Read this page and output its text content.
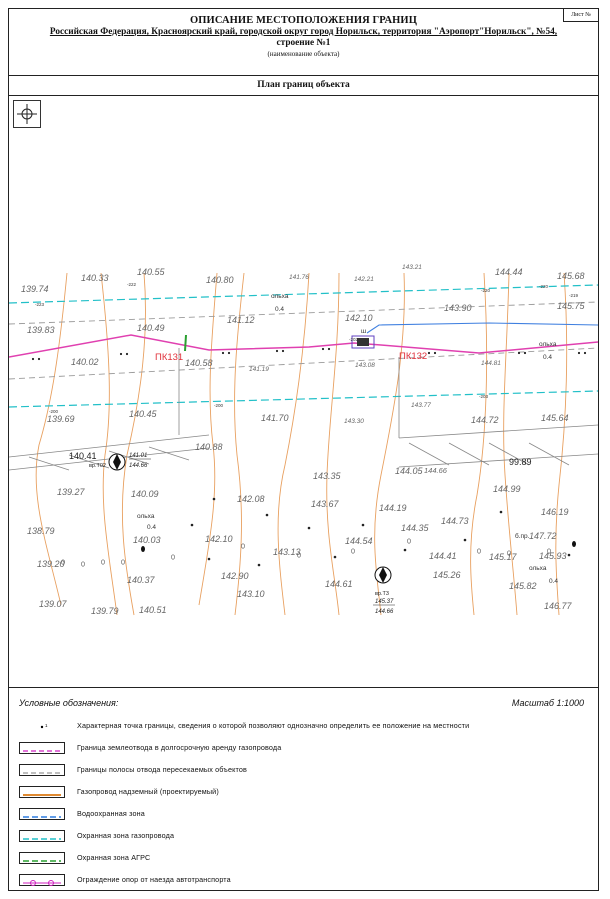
Лист №
ОПИСАНИЕ МЕСТОПОЛОЖЕНИЯ ГРАНИЦ
Российская Федерация, Красноярский край, городской округ город Норильск, территория "Аэропорт"Норильск", №54,
строение №1
(наименование объекта)
План границ объекта
ПК131	ПК132
-223
-222
-220
-220
-219
-200
-200
-203
-202
139.74
140.33
140.55
140.80	141.76	142.21
143.21	144.44	145.68
139.83	140.49
141.12	142.10
143.90	145.75
140.02	140.58
141.19
143.08	144.81
139.69	140.45	141.70	143.30
143.77
144.72	145.64
140.88
144.05 144.66
99.89
140.41
143.35
144.99
139.27	140.09	142.08	143.67	144.19	146.19
138.79
140.03	142.10
143.13
144.54
144.35
144.73
147.72
139.20
144.41	145.17 145.93
140.37	142.90
144.61
145.26
139.07
139.79 140.51
143.10
145.82
146.77
ольха
0.4
ольха
0.4
ольха
0.4
ольха
0.4
б.пр.
ш
вр.Т02
141.01
144.66
вр.Т3
145.37
144.66
Условные обозначения:	Масштаб 1:1000
1	Характерная точка границы, сведения о которой позволяют однозначно определить ее положение на местности
Граница землеотвода в долгосрочную аренду газопровода
Границы полосы отвода пересекаемых объектов
Газопровод надземный (проектируемый)
Водоохранная зона
Охранная зона газопровода
Охранная зона АГРС
Ограждение опор от наезда автотранспорта
